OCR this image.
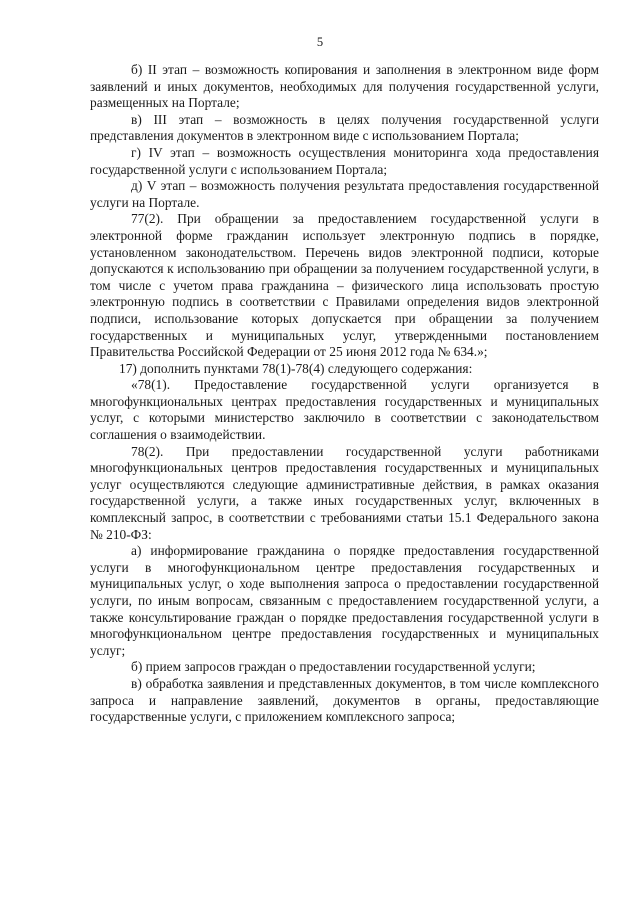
5

б) II этап – возможность копирования и заполнения в электронном виде форм заявлений и иных документов, необходимых для получения государственной услуги, размещенных на Портале;

в) III этап – возможность в целях получения государственной услуги представления документов в электронном виде с использованием Портала;

г) IV этап – возможность осуществления мониторинга хода предоставления государственной услуги с использованием Портала;

д) V этап – возможность получения результата предоставления государственной услуги на Портале.

77(2). При обращении за предоставлением государственной услуги в электронной форме гражданин использует электронную подпись в порядке, установленном законодательством. Перечень видов электронной подписи, которые допускаются к использованию при обращении за получением государственной услуги, в том числе с учетом права гражданина – физического лица использовать простую электронную подпись в соответствии с Правилами определения видов электронной подписи, использование которых допускается при обращении за получением государственных и муниципальных услуг, утвержденными постановлением Правительства Российской Федерации от 25 июня 2012 года № 634.»;

17) дополнить пунктами 78(1)-78(4) следующего содержания:

«78(1). Предоставление государственной услуги организуется в многофункциональных центрах предоставления государственных и муниципальных услуг, с которыми министерство заключило в соответствии с законодательством соглашения о взаимодействии.

78(2). При предоставлении государственной услуги работниками многофункциональных центров предоставления государственных и муниципальных услуг осуществляются следующие административные действия, в рамках оказания государственной услуги, а также иных государственных услуг, включенных в комплексный запрос, в соответствии с требованиями статьи 15.1 Федерального закона № 210-ФЗ:

а) информирование гражданина о порядке предоставления государственной услуги в многофункциональном центре предоставления государственных и муниципальных услуг, о ходе выполнения запроса о предоставлении государственной услуги, по иным вопросам, связанным с предоставлением государственной услуги, а также консультирование граждан о порядке предоставления государственной услуги в многофункциональном центре предоставления государственных и муниципальных услуг;

б) прием запросов граждан о предоставлении государственной услуги;

в) обработка заявления и представленных документов, в том числе комплексного запроса и направление заявлений, документов в органы, предоставляющие государственные услуги, с приложением комплексного запроса;
